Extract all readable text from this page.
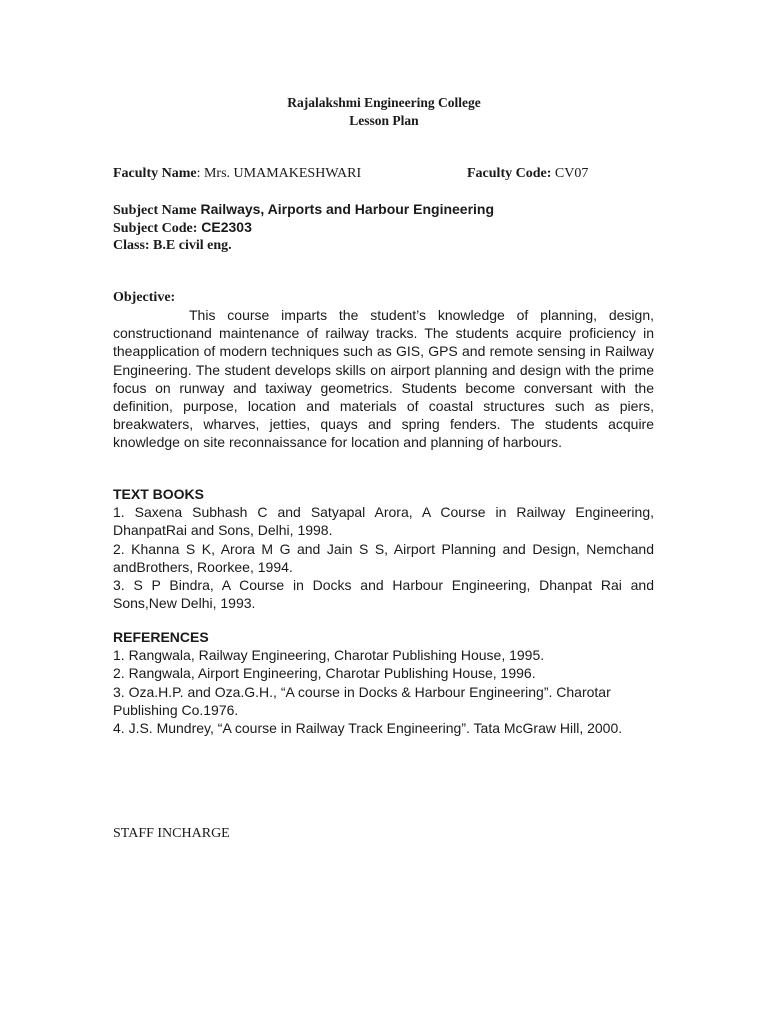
Rajalakshmi Engineering College
Lesson Plan
Faculty Name: Mrs. UMAMAKESHWARI	Faculty Code: CV07
Subject Name Railways, Airports and Harbour Engineering
Subject Code: CE2303
Class: B.E civil eng.
Objective:

This course imparts the student’s knowledge of planning, design, constructionand maintenance of railway tracks. The students acquire proficiency in theapplication of modern techniques such as GIS, GPS and remote sensing in Railway Engineering. The student develops skills on airport planning and design with the prime focus on runway and taxiway geometrics. Students become conversant with the definition, purpose, location and materials of coastal structures such as piers, breakwaters, wharves, jetties, quays and spring fenders. The students acquire knowledge on site reconnaissance for location and planning of harbours.

TEXT BOOKS

1. Saxena Subhash C and Satyapal Arora, A Course in Railway Engineering, DhanpatRai and Sons, Delhi, 1998.

2. Khanna S K, Arora M G and Jain S S, Airport Planning and Design, Nemchand andBrothers, Roorkee, 1994.

3. S P Bindra, A Course in Docks and Harbour Engineering, Dhanpat Rai and Sons,New Delhi, 1993.

REFERENCES

1. Rangwala, Railway Engineering, Charotar Publishing House, 1995.

2. Rangwala, Airport Engineering, Charotar Publishing House, 1996.

3. Oza.H.P. and Oza.G.H., “A course in Docks & Harbour Engineering”. Charotar Publishing Co.1976.

4. J.S. Mundrey, “A course in Railway Track Engineering”. Tata McGraw Hill, 2000.

STAFF INCHARGE
